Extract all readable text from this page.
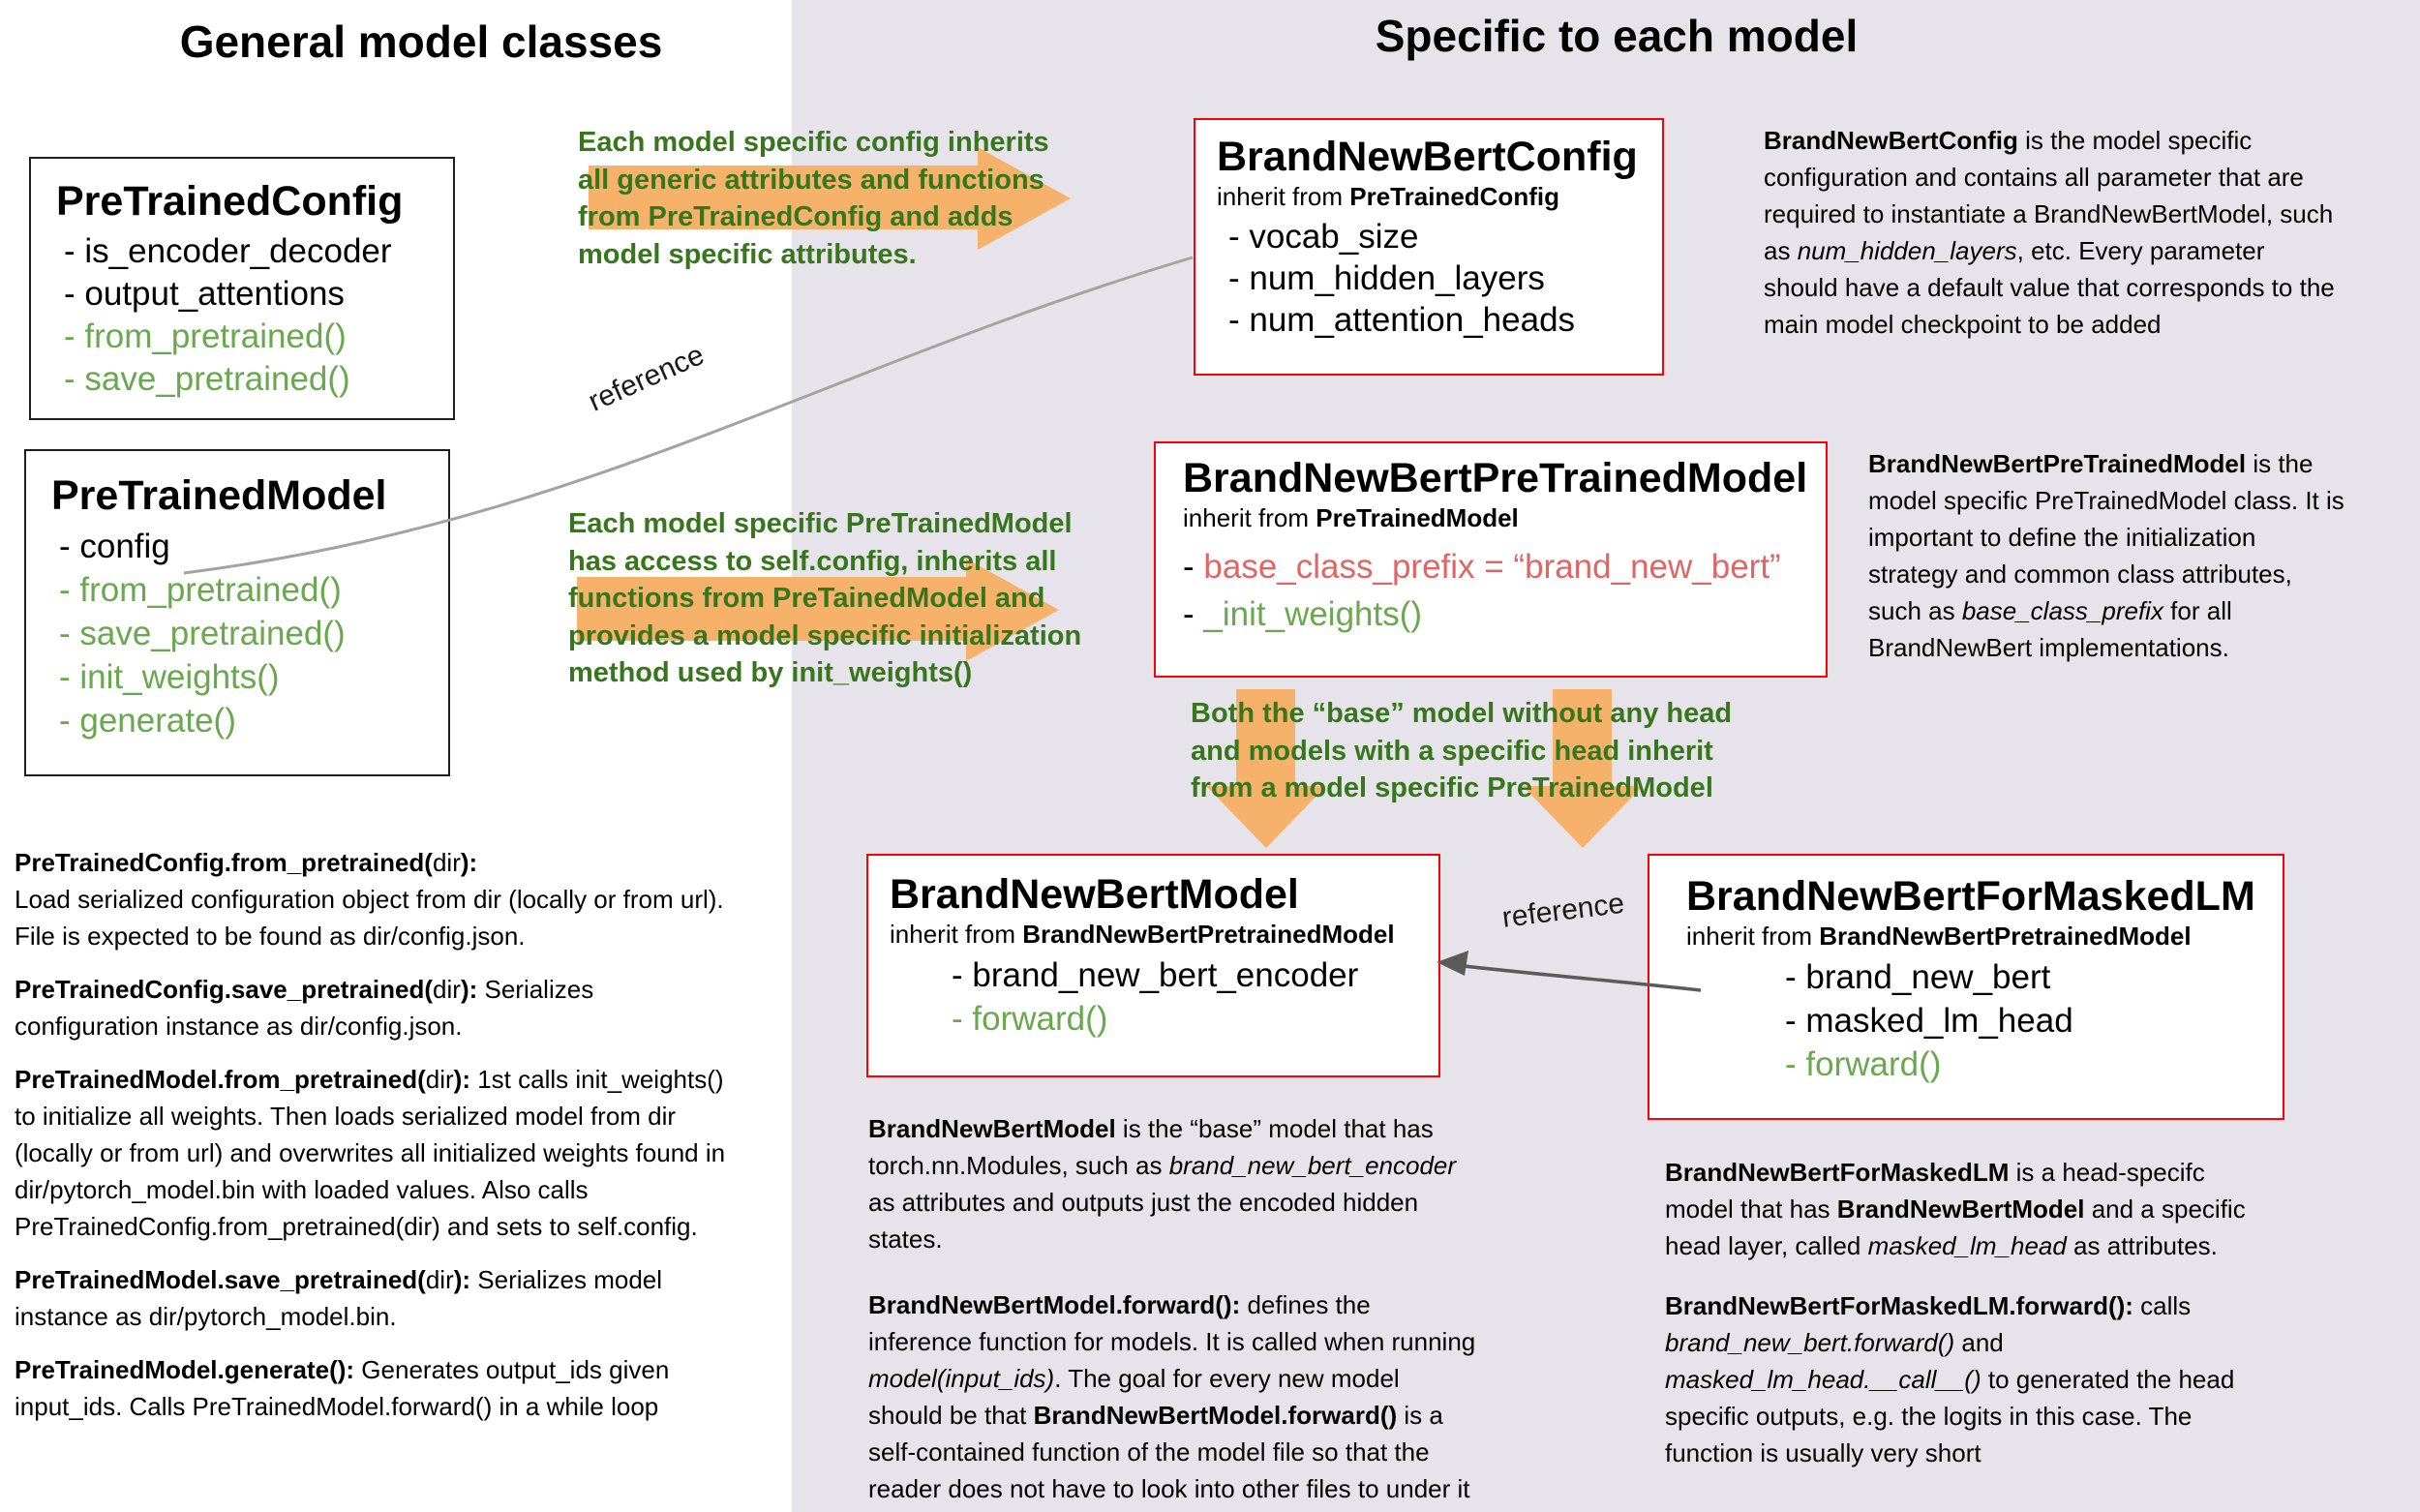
General model classes	Specific to each model
PreTrainedConfig
- is_encoder_decoder
- output_attentions
- from_pretrained()
- save_pretrained()
PreTrainedModel
- config
- from_pretrained()
- save_pretrained()
- init_weights()
- generate()
BrandNewBertConfig
inherit from PreTrainedConfig
- vocab_size
- num_hidden_layers
- num_attention_heads
BrandNewBertPreTrainedModel
inherit from PreTrainedModel
- base_class_prefix = “brand_new_bert”
- _init_weights()
BrandNewBertModel
inherit from BrandNewBertPretrainedModel
- brand_new_bert_encoder
- forward()
BrandNewBertForMaskedLM
inherit from BrandNewBertPretrainedModel
- brand_new_bert
- masked_lm_head
- forward()
Each model specific config inherits
all generic attributes and functions
from PreTrainedConfig and adds
model specific attributes.
Each model specific PreTrainedModel
has access to self.config, inherits all
functions from PreTainedModel and
provides a model specific initialization
method used by init_weights()
Both the “base” model without any head
and models with a specific head inherit
from a model specific PreTrainedModel
reference
reference
PreTrainedConfig.from_pretrained(dir):
Load serialized configuration object from dir (locally or from url).
File is expected to be found as dir/config.json.
PreTrainedConfig.save_pretrained(dir): Serializes
configuration instance as dir/config.json.
PreTrainedModel.from_pretrained(dir): 1st calls init_weights()
to initialize all weights. Then loads serialized model from dir
(locally or from url) and overwrites all initialized weights found in
dir/pytorch_model.bin with loaded values. Also calls
PreTrainedConfig.from_pretrained(dir) and sets to self.config.
PreTrainedModel.save_pretrained(dir): Serializes model
instance as dir/pytorch_model.bin.
PreTrainedModel.generate(): Generates output_ids given
input_ids. Calls PreTrainedModel.forward() in a while loop
BrandNewBertConfig is the model specific
configuration and contains all parameter that are
required to instantiate a BrandNewBertModel, such
as num_hidden_layers, etc. Every parameter
should have a default value that corresponds to the
main model checkpoint to be added
BrandNewBertPreTrainedModel is the
model specific PreTrainedModel class. It is
important to define the initialization
strategy and common class attributes,
such as base_class_prefix for all
BrandNewBert implementations.
BrandNewBertModel is the “base” model that has
torch.nn.Modules, such as brand_new_bert_encoder
as attributes and outputs just the encoded hidden
states.
BrandNewBertModel.forward(): defines the
inference function for models. It is called when running
model(input_ids). The goal for every new model
should be that BrandNewBertModel.forward() is a
self-contained function of the model file so that the
reader does not have to look into other files to under it
BrandNewBertForMaskedLM is a head-specifc
model that has BrandNewBertModel and a specific
head layer, called masked_lm_head as attributes.
BrandNewBertForMaskedLM.forward(): calls
brand_new_bert.forward() and
masked_lm_head.__call__() to generated the head
specific outputs, e.g. the logits in this case. The
function is usually very short
